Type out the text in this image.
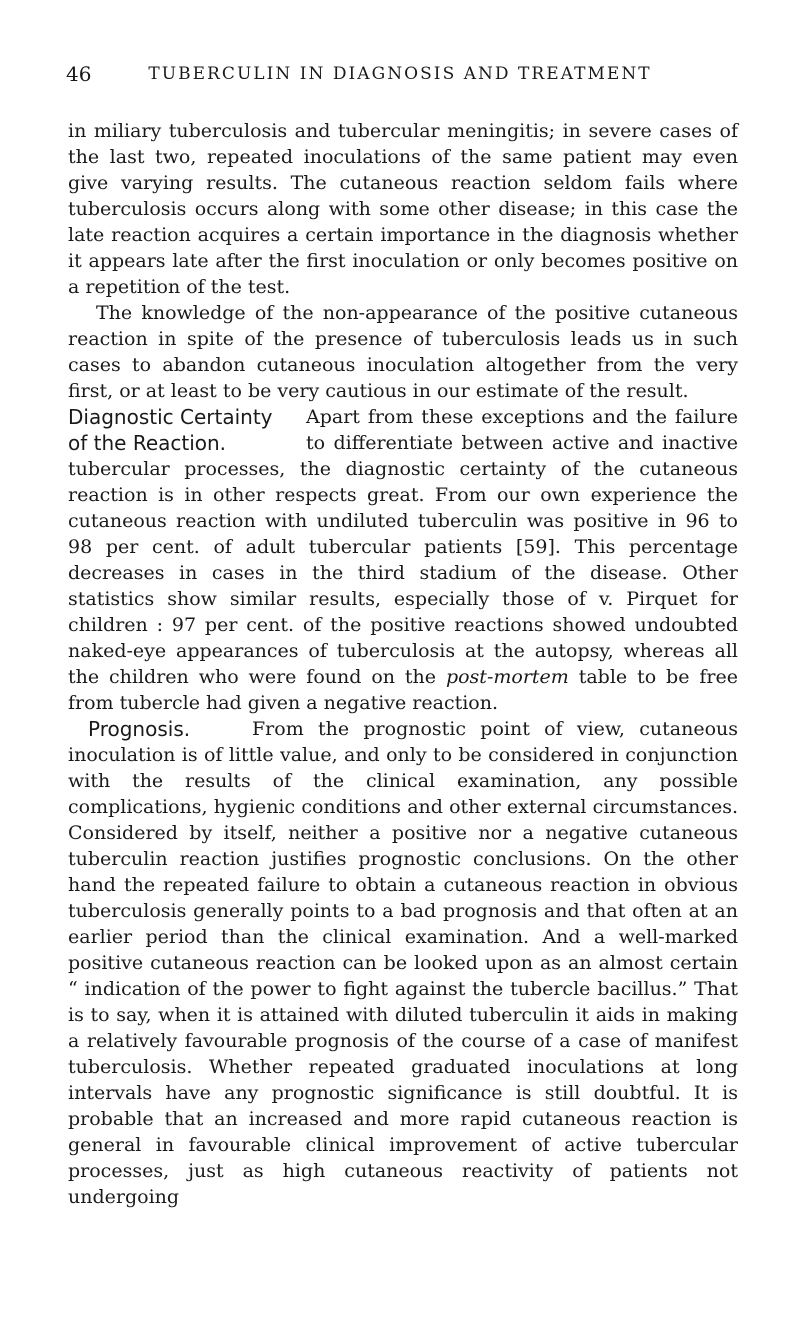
46	TUBERCULIN IN DIAGNOSIS AND TREATMENT

in miliary tuberculosis and tubercular meningitis; in severe cases of the last two, repeated inoculations of the same patient may even give varying results. The cutaneous reaction seldom fails where tuberculosis occurs along with some other disease; in this case the late reaction acquires a certain importance in the diagnosis whether it appears late after the first inoculation or only becomes positive on a repetition of the test.

The knowledge of the non-appearance of the positive cutaneous reaction in spite of the presence of tuberculosis leads us in such cases to abandon cutaneous inoculation altogether from the very first, or at least to be very cautious in our estimate of the result.

Diagnostic Certainty
of the Reaction.
Apart from these exceptions and the failure to differentiate between active and inactive tubercular processes, the diagnostic certainty of the cutaneous reaction is in other respects great. From our own experience the cutaneous reaction with undiluted tuberculin was positive in 96 to 98 per cent. of adult tubercular patients [59]. This percentage decreases in cases in the third stadium of the disease. Other statistics show similar results, especially those of v. Pirquet for children : 97 per cent. of the positive reactions showed undoubted naked-eye appearances of tuberculosis at the autopsy, whereas all the children who were found on the post-mortem table to be free from tubercle had given a negative reaction.

Prognosis.	From the prognostic point of view, cutaneous inoculation is of little value, and only to be considered in conjunction with the results of the clinical examination, any possible complications, hygienic conditions and other external circumstances. Considered by itself, neither a positive nor a negative cutaneous tuberculin reaction justifies prognostic conclusions. On the other hand the repeated failure to obtain a cutaneous reaction in obvious tuberculosis generally points to a bad prognosis and that often at an earlier period than the clinical examination. And a well-marked positive cutaneous reaction can be looked upon as an almost certain “ indication of the power to fight against the tubercle bacillus.” That is to say, when it is attained with diluted tuberculin it aids in making a relatively favourable prognosis of the course of a case of manifest tuberculosis. Whether repeated graduated inoculations at long intervals have any prognostic significance is still doubtful. It is probable that an increased and more rapid cutaneous reaction is general in favourable clinical improvement of active tubercular processes, just as high cutaneous reactivity of patients not undergoing
